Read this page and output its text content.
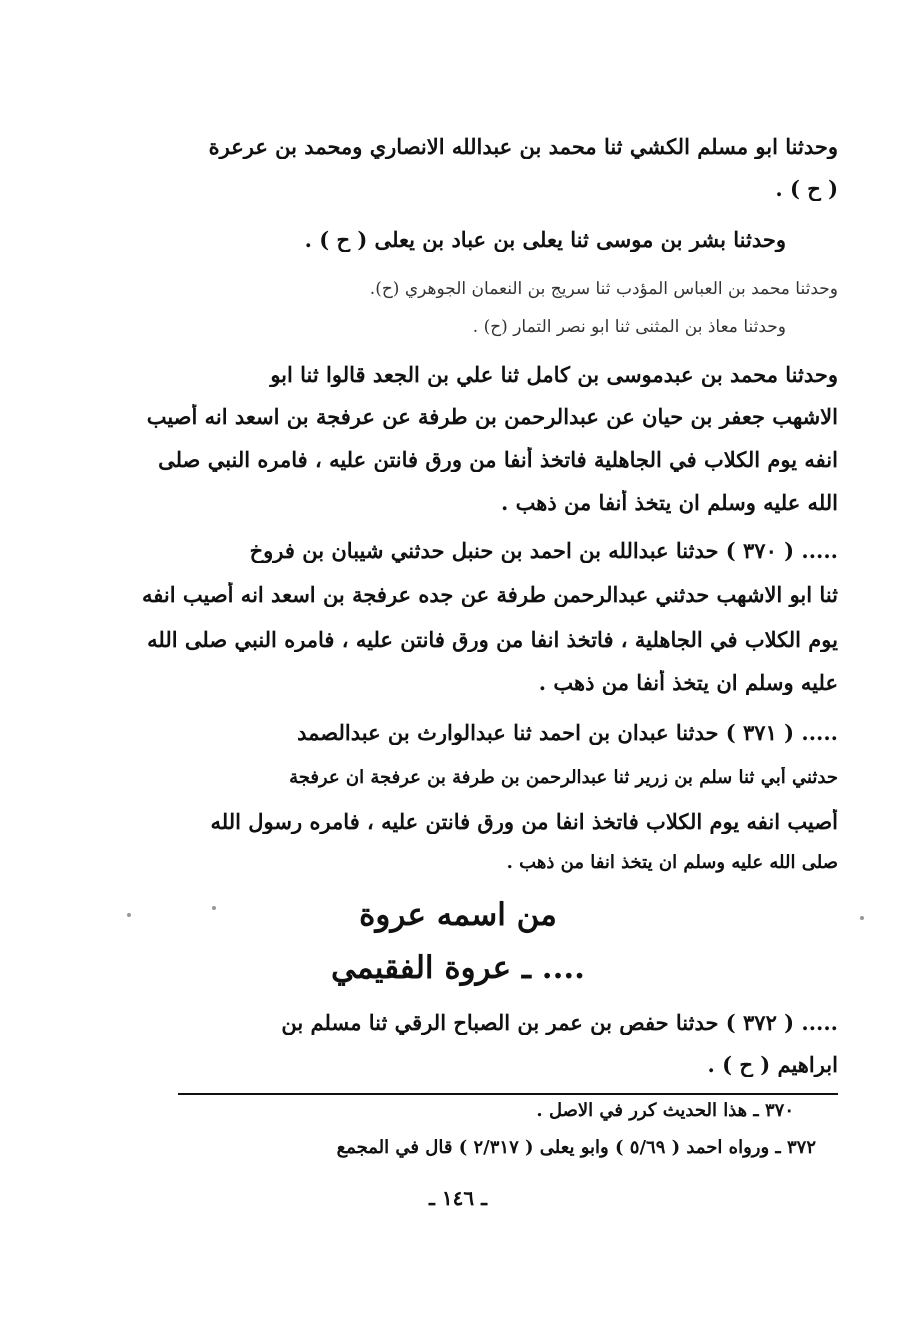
وحدثنا ابو مسلم الكشي ثنا محمد بن عبدالله الانصاري ومحمد بن عرعرة
( ح ) .
وحدثنا بشر بن موسى ثنا يعلى بن عباد بن يعلى ( ح ) .
وحدثنا محمد بن العباس المؤدب ثنا سريج بن النعمان الجوهري (ح).
وحدثنا معاذ بن المثنى ثنا ابو نصر التمار (ح) .
وحدثنا محمد بن عبدموسى بن كامل ثنا علي بن الجعد قالوا ثنا ابو
الاشهب جعفر بن حيان عن عبدالرحمن بن طرفة عن عرفجة بن اسعد انه أصيب
انفه يوم الكلاب في الجاهلية فاتخذ أنفا من ورق فانتن عليه ، فامره النبي صلى
الله عليه وسلم ان يتخذ أنفا من ذهب .
..... ( ٣٧٠ ) حدثنا عبدالله بن احمد بن حنبل حدثني شيبان بن فروخ
ثنا ابو الاشهب حدثني عبدالرحمن طرفة عن جده عرفجة بن اسعد انه أصيب انفه
يوم الكلاب في الجاهلية ، فاتخذ انفا من ورق فانتن عليه ، فامره النبي صلى الله
عليه وسلم ان يتخذ أنفا من ذهب .
..... ( ٣٧١ ) حدثنا عبدان بن احمد ثنا عبدالوارث بن عبدالصمد
حدثني أبي ثنا سلم بن زرير ثنا عبدالرحمن بن طرفة بن عرفجة ان عرفجة
أصيب انفه يوم الكلاب فاتخذ انفا من ورق فانتن عليه ، فامره رسول الله
صلى الله عليه وسلم ان يتخذ انفا من ذهب .
من اسمه عروة
.... ـ عروة الفقيمي
..... ( ٣٧٢ ) حدثنا حفص بن عمر بن الصباح الرقي ثنا مسلم بن
ابراهيم ( ح ) .
٣٧٠ ـ هذا الحديث كرر في الاصل .
٣٧٢ ـ ورواه احمد ( ٥/٦٩ ) وابو يعلى ( ٢/٣١٧ ) قال في المجمع
ـ ١٤٦ ـ
